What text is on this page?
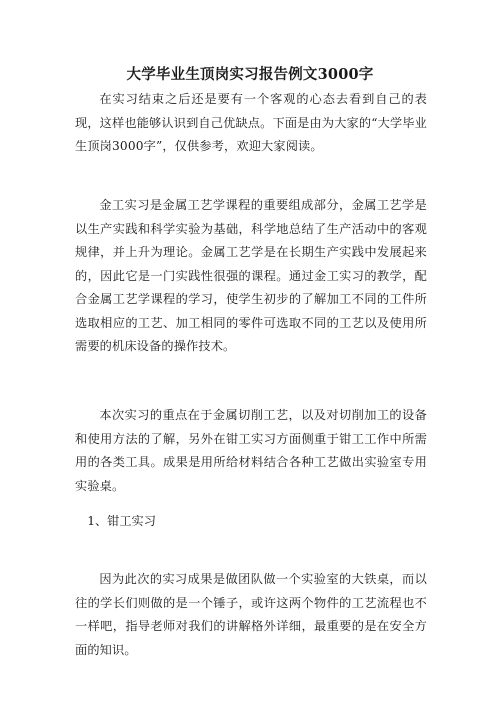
大学毕业生顶岗实习报告例文3000字

在实习结束之后还是要有一个客观的心态去看到自己的表现，这样也能够认识到自己优缺点。下面是由为大家的“大学毕业生顶岗3000字”，仅供参考，欢迎大家阅读。

金工实习是金属工艺学课程的重要组成部分，金属工艺学是以生产实践和科学实验为基础，科学地总结了生产活动中的客观规律，并上升为理论。金属工艺学是在长期生产实践中发展起来的，因此它是一门实践性很强的课程。通过金工实习的教学，配合金属工艺学课程的学习，使学生初步的了解加工不同的工件所选取相应的工艺、加工相同的零件可选取不同的工艺以及使用所需要的机床设备的操作技术。

本次实习的重点在于金属切削工艺，以及对切削加工的设备和使用方法的了解，另外在钳工实习方面侧重于钳工工作中所需用的各类工具。成果是用所给材料结合各种工艺做出实验室专用实验桌。

1、钳工实习

因为此次的实习成果是做团队做一个实验室的大铁桌，而以往的学长们则做的是一个锤子，或许这两个物件的工艺流程也不一样吧，指导老师对我们的讲解格外详细，最重要的是在安全方面的知识。
